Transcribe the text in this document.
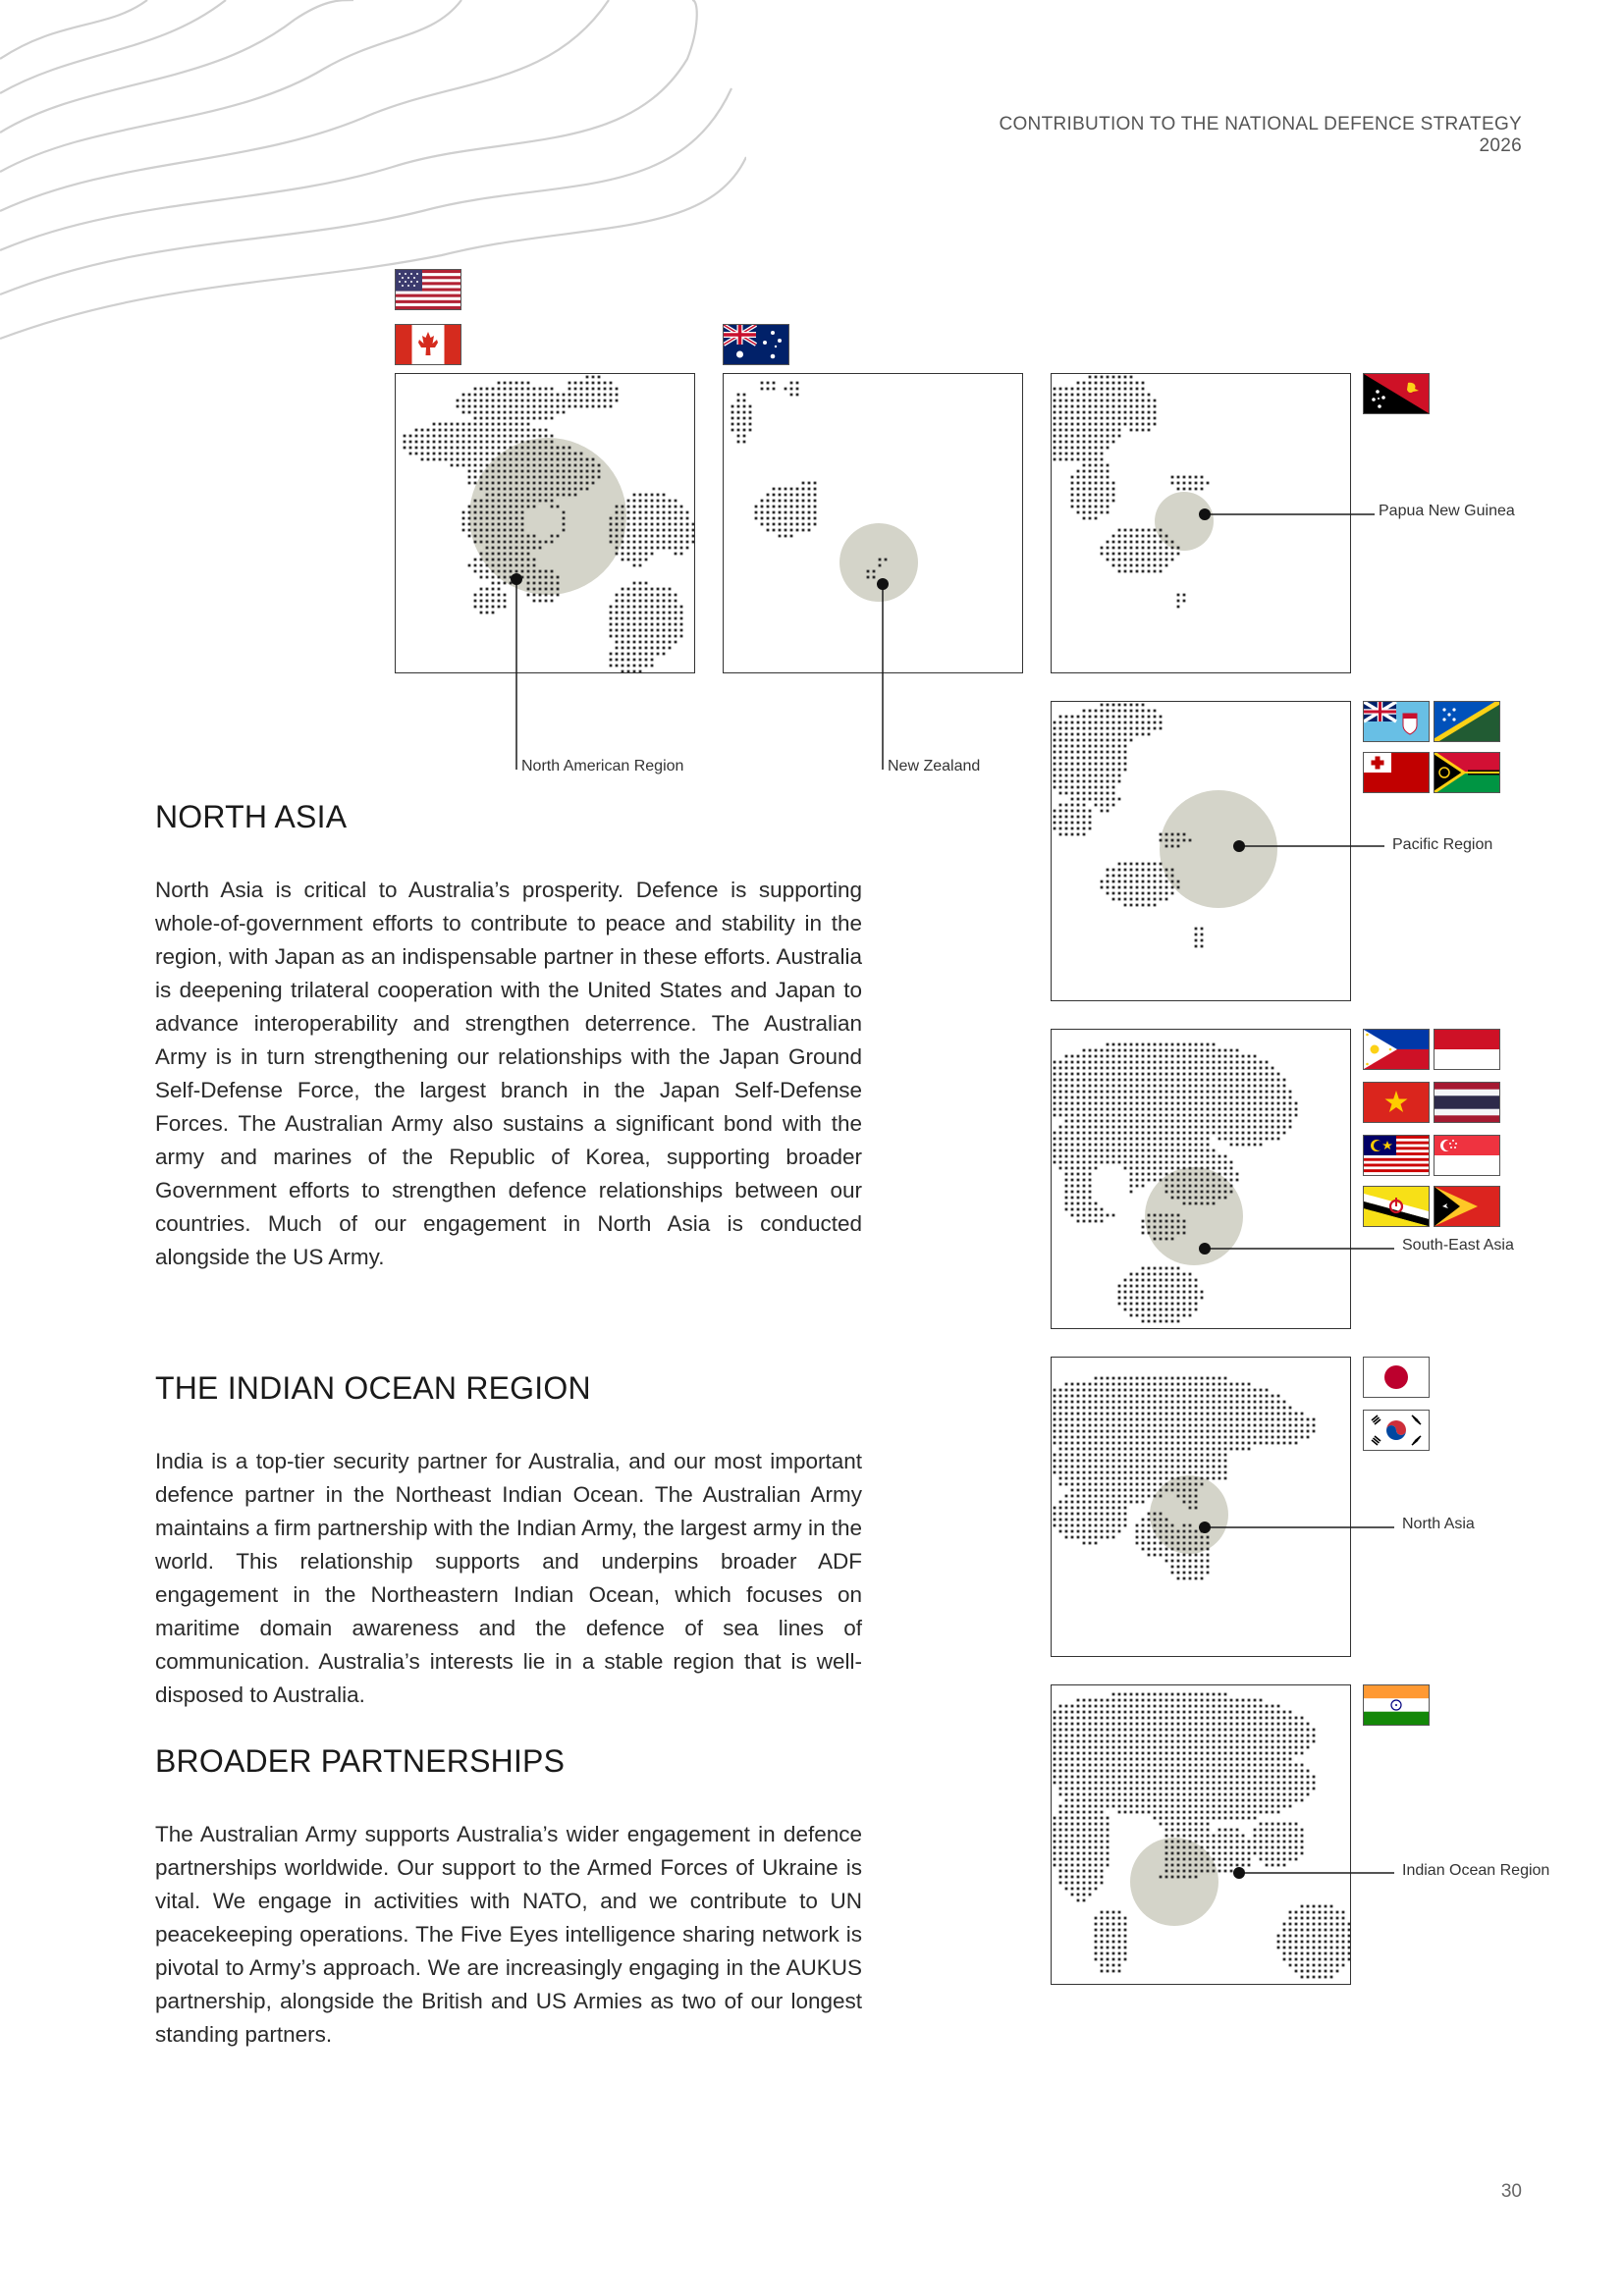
CONTRIBUTION TO THE NATIONAL DEFENCE STRATEGY 2026
North American Region	New Zealand
Papua New Guinea
Pacific Region
South-East Asia
North Asia
Indian Ocean Region
NORTH ASIA

North Asia is critical to Australia’s prosperity. Defence is supporting whole-of-government efforts to contribute to peace and stability in the region, with Japan as an indispensable partner in these efforts. Australia is deepening trilateral cooperation with the United States and Japan to advance interoperability and strengthen deterrence. The Australian Army is in turn strengthening our relationships with the Japan Ground Self-Defense Force, the largest branch in the Japan Self-Defense Forces. The Australian Army also sustains a significant bond with the army and marines of the Republic of Korea, supporting broader Government efforts to strengthen defence relationships between our countries. Much of our engagement in North Asia is conducted alongside the US Army.

THE INDIAN OCEAN REGION

India is a top-tier security partner for Australia, and our most important defence partner in the Northeast Indian Ocean. The Australian Army maintains a firm partnership with the Indian Army, the largest army in the world. This relationship supports and underpins broader ADF engagement in the Northeastern Indian Ocean, which focuses on maritime domain awareness and the defence of sea lines of communication. Australia’s interests lie in a stable region that is well-disposed to Australia.

BROADER PARTNERSHIPS

The Australian Army supports Australia’s wider engagement in defence partnerships worldwide. Our support to the Armed Forces of Ukraine is vital. We engage in activities with NATO, and we contribute to UN peacekeeping operations. The Five Eyes intelligence sharing network is pivotal to Army’s approach. We are increasingly engaging in the AUKUS partnership, alongside the British and US Armies as two of our longest standing partners.

30
